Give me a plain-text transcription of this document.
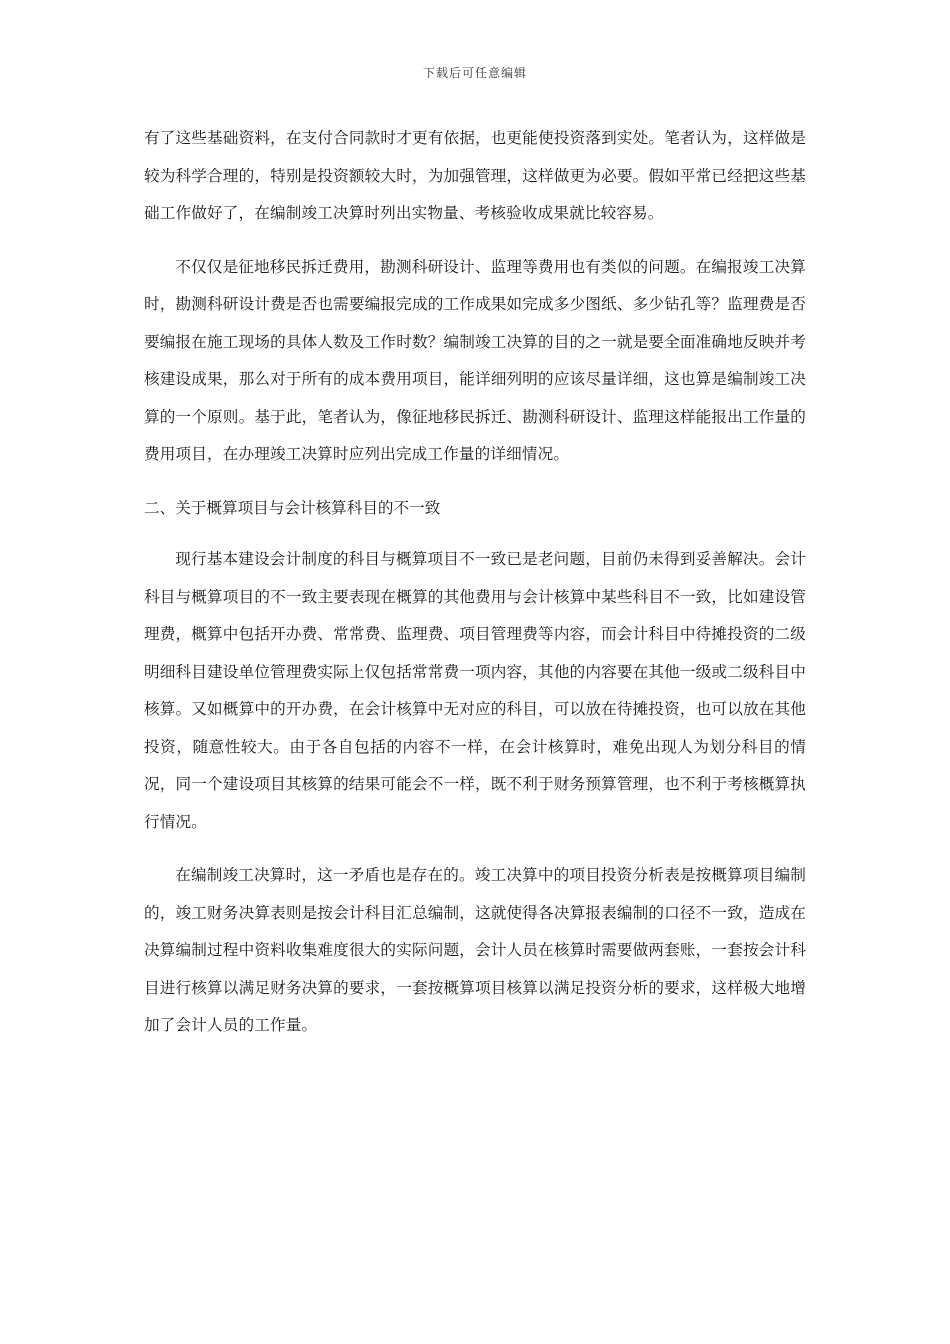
下载后可任意编辑

有了这些基础资料，在支付合同款时才更有依据，也更能使投资落到实处。笔者认为，这样做是较为科学合理的，特别是投资额较大时，为加强管理，这样做更为必要。假如平常已经把这些基础工作做好了，在编制竣工决算时列出实物量、考核验收成果就比较容易。

不仅仅是征地移民拆迁费用，勘测科研设计、监理等费用也有类似的问题。在编报竣工决算时，勘测科研设计费是否也需要编报完成的工作成果如完成多少图纸、多少钻孔等？监理费是否要编报在施工现场的具体人数及工作时数？编制竣工决算的目的之一就是要全面准确地反映并考核建设成果，那么对于所有的成本费用项目，能详细列明的应该尽量详细，这也算是编制竣工决算的一个原则。基于此，笔者认为，像征地移民拆迁、勘测科研设计、监理这样能报出工作量的费用项目，在办理竣工决算时应列出完成工作量的详细情况。

二、关于概算项目与会计核算科目的不一致

现行基本建设会计制度的科目与概算项目不一致已是老问题，目前仍未得到妥善解决。会计科目与概算项目的不一致主要表现在概算的其他费用与会计核算中某些科目不一致，比如建设管理费，概算中包括开办费、常常费、监理费、项目管理费等内容，而会计科目中待摊投资的二级明细科目建设单位管理费实际上仅包括常常费一项内容，其他的内容要在其他一级或二级科目中核算。又如概算中的开办费，在会计核算中无对应的科目，可以放在待摊投资，也可以放在其他投资，随意性较大。由于各自包括的内容不一样，在会计核算时，难免出现人为划分科目的情况，同一个建设项目其核算的结果可能会不一样，既不利于财务预算管理，也不利于考核概算执行情况。

在编制竣工决算时，这一矛盾也是存在的。竣工决算中的项目投资分析表是按概算项目编制的，竣工财务决算表则是按会计科目汇总编制，这就使得各决算报表编制的口径不一致，造成在决算编制过程中资料收集难度很大的实际问题，会计人员在核算时需要做两套账，一套按会计科目进行核算以满足财务决算的要求，一套按概算项目核算以满足投资分析的要求，这样极大地增加了会计人员的工作量。
